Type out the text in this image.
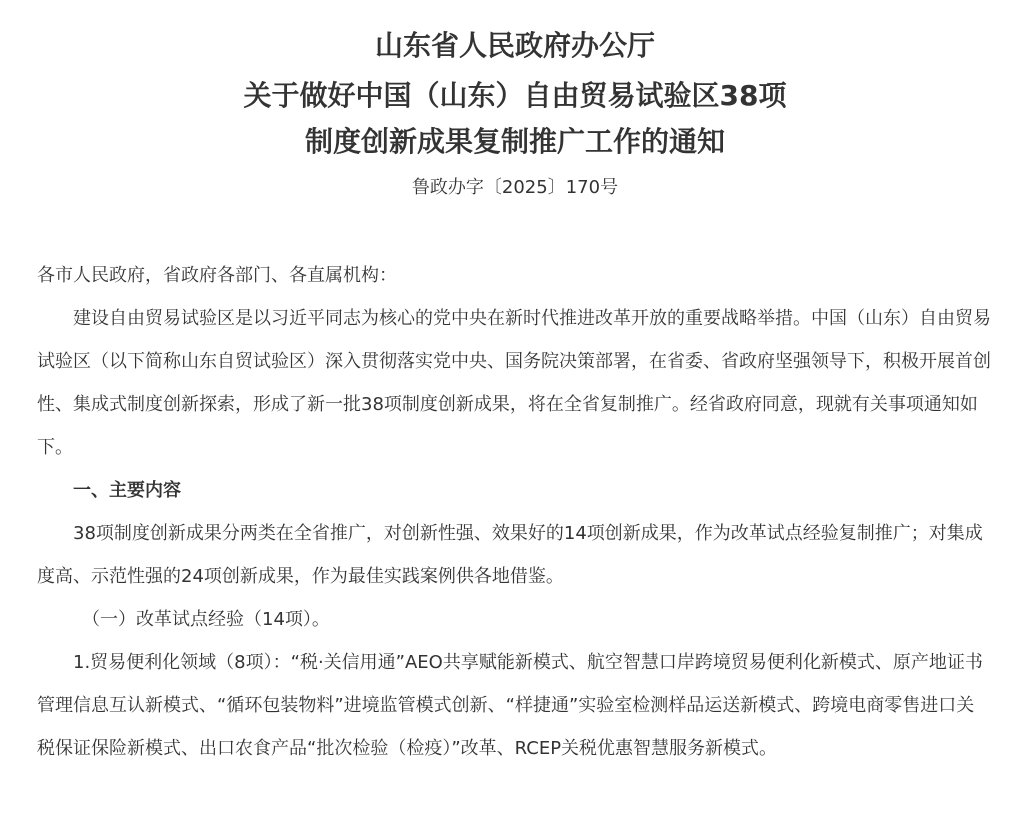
山东省人民政府办公厅
关于做好中国（山东）自由贸易试验区38项
制度创新成果复制推广工作的通知
鲁政办字〔2025〕170号

各市人民政府，省政府各部门、各直属机构：

建设自由贸易试验区是以习近平同志为核心的党中央在新时代推进改革开放的重要战略举措。中国（山东）自由贸易试验区（以下简称山东自贸试验区）深入贯彻落实党中央、国务院决策部署，在省委、省政府坚强领导下，积极开展首创性、集成式制度创新探索，形成了新一批38项制度创新成果，将在全省复制推广。经省政府同意，现就有关事项通知如下。

一、主要内容

38项制度创新成果分两类在全省推广，对创新性强、效果好的14项创新成果，作为改革试点经验复制推广；对集成度高、示范性强的24项创新成果，作为最佳实践案例供各地借鉴。

（一）改革试点经验（14项）。

1.贸易便利化领域（8项）：“税·关信用通”AEO共享赋能新模式、航空智慧口岸跨境贸易便利化新模式、原产地证书管理信息互认新模式、“循环包装物料”进境监管模式创新、“样捷通”实验室检测样品运送新模式、跨境电商零售进口关税保证保险新模式、出口农食产品“批次检验（检疫）”改革、RCEP关税优惠智慧服务新模式。
